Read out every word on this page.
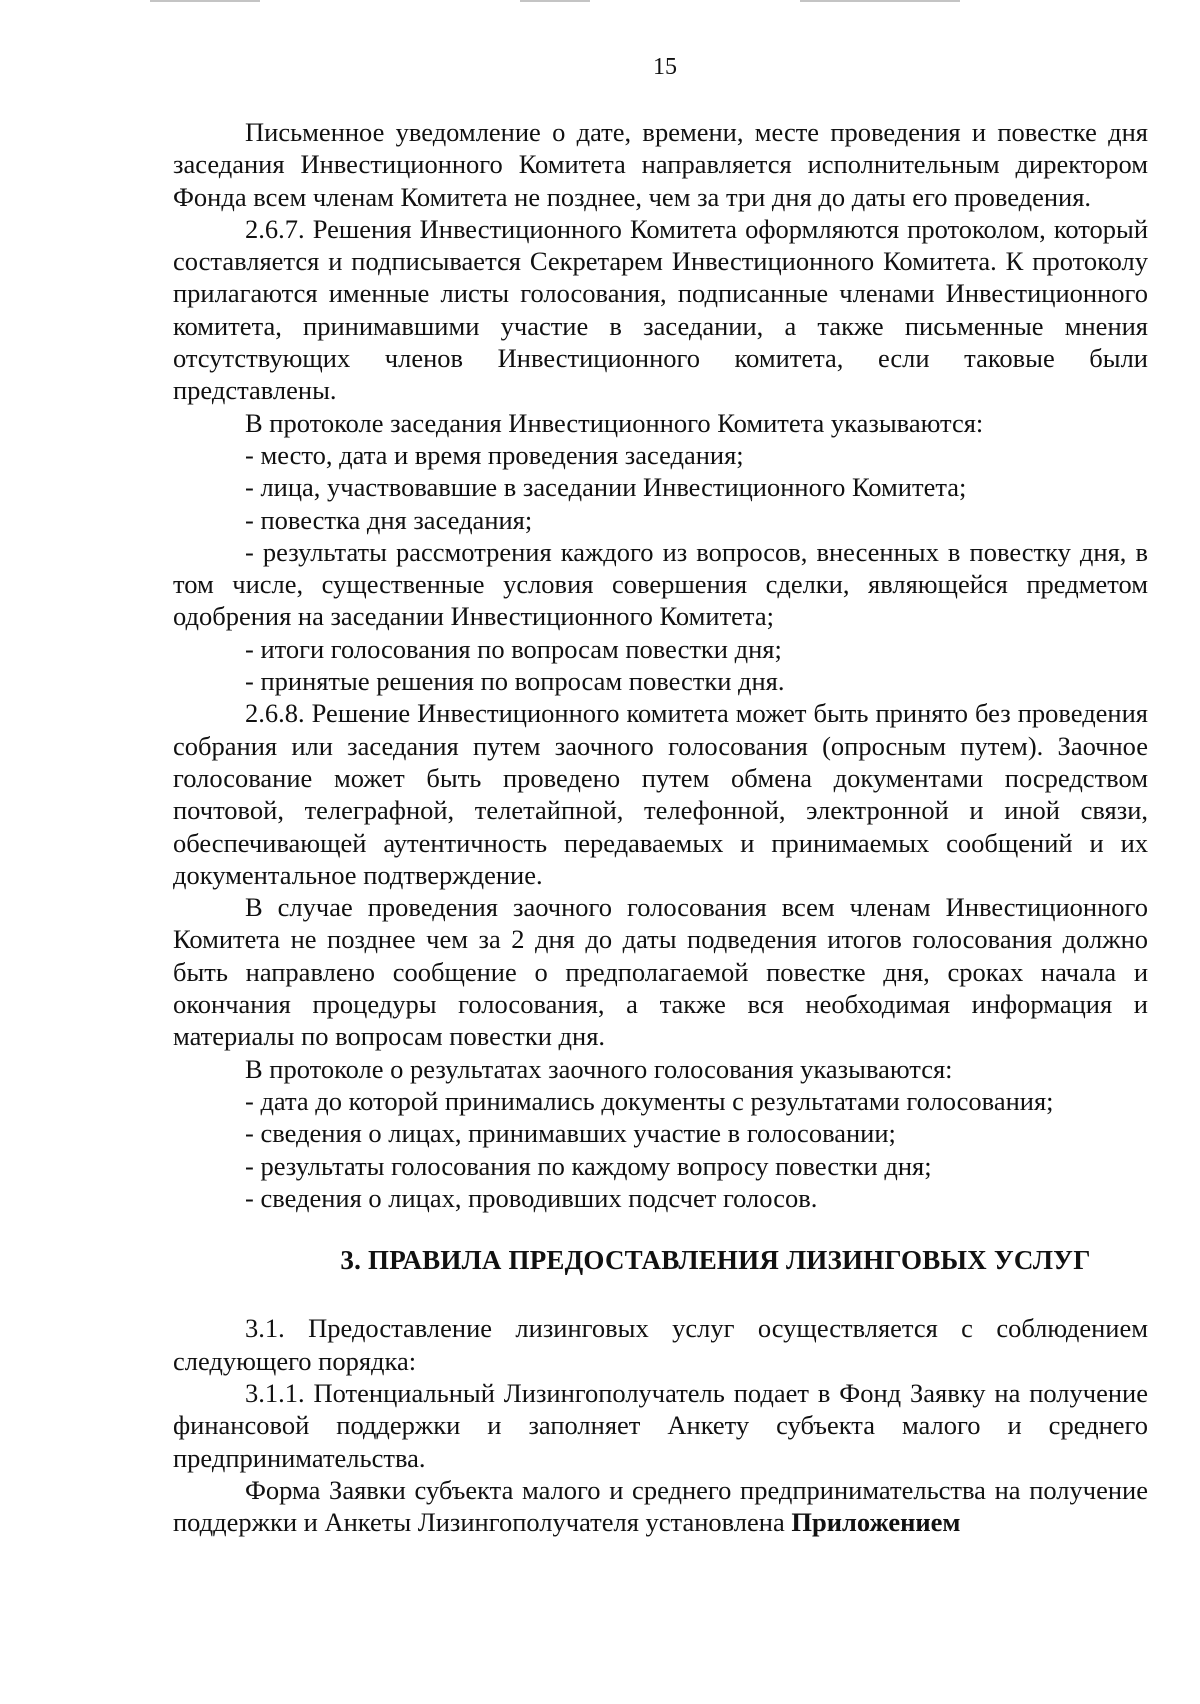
15

Письменное уведомление о дате, времени, месте проведения и повестке дня заседания Инвестиционного Комитета направляется исполнительным директором Фонда всем членам Комитета не позднее, чем за три дня до даты его проведения.

2.6.7. Решения Инвестиционного Комитета оформляются протоколом, который составляется и подписывается Секретарем Инвестиционного Комитета. К протоколу прилагаются именные листы голосования, подписанные членами Инвестиционного комитета, принимавшими участие в заседании, а также письменные мнения отсутствующих членов Инвестиционного комитета, если таковые были представлены.

В протоколе заседания Инвестиционного Комитета указываются:

- место, дата и время проведения заседания;

- лица, участвовавшие в заседании Инвестиционного Комитета;

- повестка дня заседания;

- результаты рассмотрения каждого из вопросов, внесенных в повестку дня, в том числе, существенные условия совершения сделки, являющейся предметом одобрения на заседании Инвестиционного Комитета;

- итоги голосования по вопросам повестки дня;

- принятые решения по вопросам повестки дня.

2.6.8. Решение Инвестиционного комитета может быть принято без проведения собрания или заседания путем заочного голосования (опросным путем). Заочное голосование может быть проведено путем обмена документами посредством почтовой, телеграфной, телетайпной, телефонной, электронной и иной связи, обеспечивающей аутентичность передаваемых и принимаемых сообщений и их документальное подтверждение.

В случае проведения заочного голосования всем членам Инвестиционного Комитета не позднее чем за 2 дня до даты подведения итогов голосования должно быть направлено сообщение о предполагаемой повестке дня, сроках начала и окончания процедуры голосования, а также вся необходимая информация и материалы по вопросам повестки дня.

В протоколе о результатах заочного голосования указываются:

- дата до которой принимались документы с результатами голосования;

- сведения о лицах, принимавших участие в голосовании;

- результаты голосования по каждому вопросу повестки дня;

- сведения о лицах, проводивших подсчет голосов.

3. ПРАВИЛА ПРЕДОСТАВЛЕНИЯ ЛИЗИНГОВЫХ УСЛУГ

3.1. Предоставление лизинговых услуг осуществляется с соблюдением следующего порядка:

3.1.1. Потенциальный Лизингополучатель подает в Фонд Заявку на получение финансовой поддержки и заполняет Анкету субъекта малого и среднего предпринимательства.

Форма Заявки субъекта малого и среднего предпринимательства на получение поддержки и Анкеты Лизингополучателя установлена Приложением
